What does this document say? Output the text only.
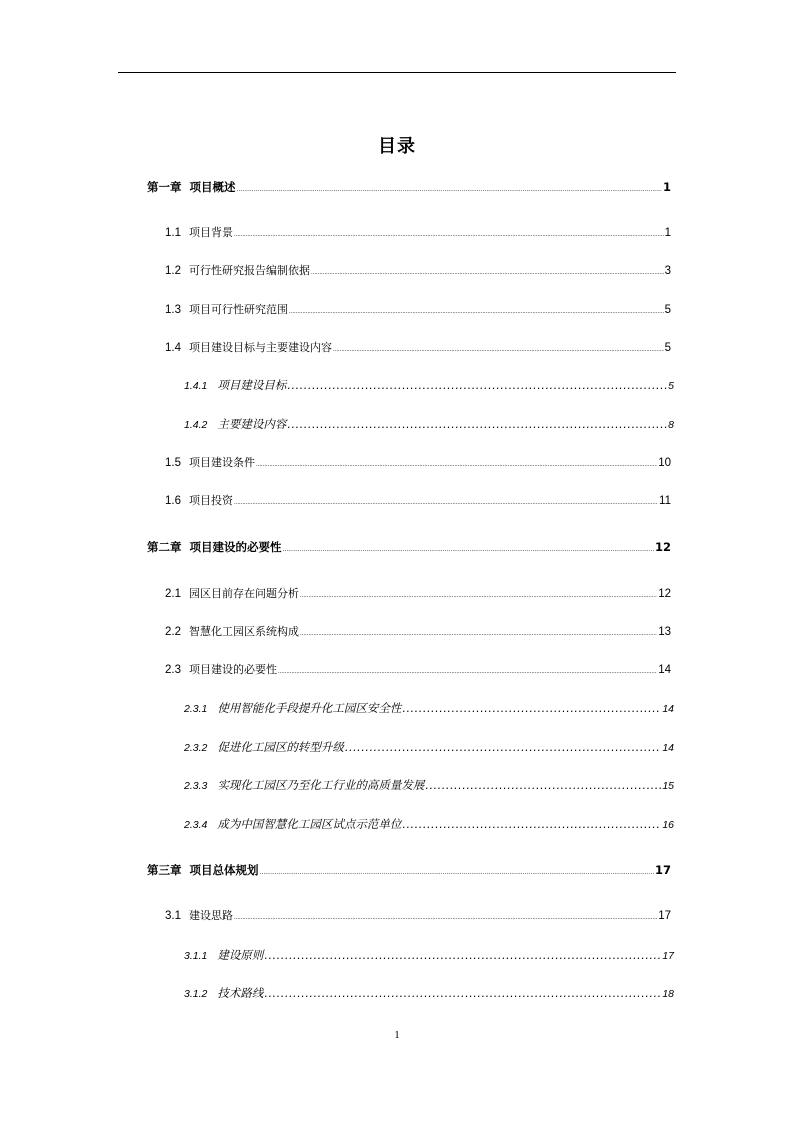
目录
第一章 项目概述 .....	1
1.1 项目背景 .....	1
1.2 可行性研究报告编制依据 .....	3
1.3 项目可行性研究范围 .....	5
1.4 项目建设目标与主要建设内容 .....	5
1.4.1 项目建设目标 .....	5
1.4.2 主要建设内容 .....	8
1.5 项目建设条件 .....	10
1.6 项目投资 .....	11
第二章 项目建设的必要性 .....	12
2.1 园区目前存在问题分析 .....	12
2.2 智慧化工园区系统构成 .....	13
2.3 项目建设的必要性 .....	14
2.3.1 使用智能化手段提升化工园区安全性 .....	14
2.3.2 促进化工园区的转型升级 .....	14
2.3.3 实现化工园区乃至化工行业的高质量发展 .....	15
2.3.4 成为中国智慧化工园区试点示范单位 .....	16
第三章 项目总体规划 .....	17
3.1 建设思路 .....	17
3.1.1 建设原则 .....	17
3.1.2 技术路线 .....	18
1
